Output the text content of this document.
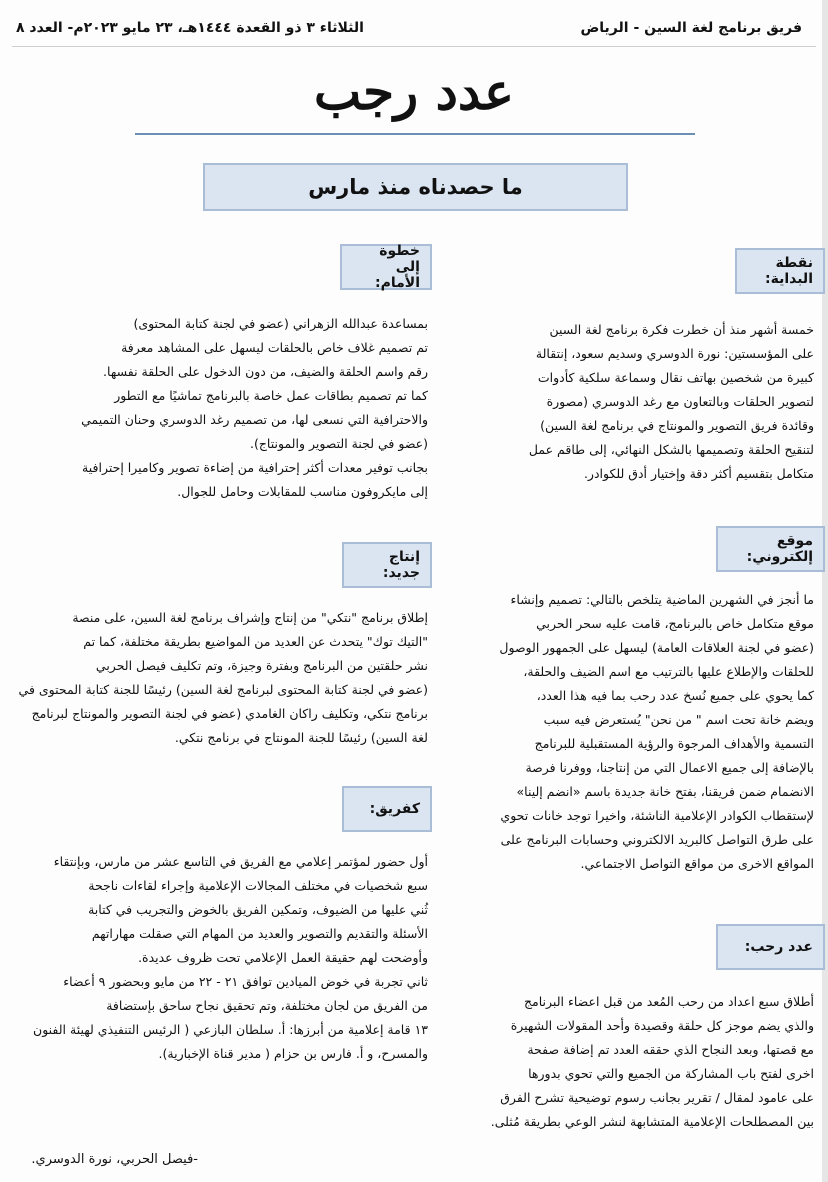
فريق برنامج لغة السين - الرياض
الثلاثاء ٣ ذو القعدة ١٤٤٤هـ، ٢٣ مايو ٢٠٢٣م- العدد ٨
عدد رجب
ما حصدناه منذ مارس
نقطة البداية:

خمسة أشهر منذ أن خطرت فكرة برنامج لغة السين

على المؤسستين: نورة الدوسري وسديم سعود، إنتقالة

كبيرة من شخصين بهاتف نقال وسماعة سلكية كأدوات

لتصوير الحلقات وبالتعاون مع رغد الدوسري (مصورة

وقائدة فريق التصوير والمونتاج في برنامج لغة السين)

لتنقيح الحلقة وتصميمها بالشكل النهائي، إلى طاقم عمل

متكامل بتقسيم أكثر دقة وإختيار أدق للكوادر.

موقع إلكتروني:

ما أنجز في الشهرين الماضية يتلخص بالتالي: تصميم وإنشاء

موقع متكامل خاص بالبرنامج، قامت عليه سحر الحربي

(عضو في لجنة العلاقات العامة) ليسهل على الجمهور الوصول

للحلقات والإطلاع عليها بالترتيب مع اسم الضيف والحلقة،

كما يحوي على جميع نُسخ عدد رحب بما فيه هذا العدد،

ويضم خانة تحت اسم " من نحن" يُستعرض فيه سبب

التسمية والأهداف المرجوة والرؤية المستقبلية للبرنامج

بالإضافة إلى جميع الاعمال التي من إنتاجنا، ووفرنا فرصة

الانضمام ضمن فريقنا، بفتح خانة جديدة باسم «انضم إلينا»

لإستقطاب الكوادر الإعلامية الناشئة، واخيرا توجد خانات تحوي

على طرق التواصل كالبريد الالكتروني وحسابات البرنامج على

المواقع الاخرى من مواقع التواصل الاجتماعي.

عدد رحب:

أطلاق سبع اعداد من رحب المُعد من قبل اعضاء البرنامج

والذي يضم موجز كل حلقة وقصيدة وأحد المقولات الشهيرة

مع قصتها، وبعد النجاح الذي حققه العدد تم إضافة صفحة

اخرى لفتح باب المشاركة من الجميع والتي تحوي بدورها

على عامود لمقال / تقرير بجانب رسوم توضيحية تشرح الفرق

بين المصطلحات الإعلامية المتشابهة لنشر الوعي بطريقة مُثلى.

خطوة إلى الأمام:

بمساعدة عبدالله الزهراني (عضو في لجنة كتابة المحتوى)

تم تصميم غلاف خاص بالحلقات ليسهل على المشاهد معرفة

رقم واسم الحلقة والضيف، من دون الدخول على الحلقة نفسها.

كما تم تصميم بطاقات عمل خاصة بالبرنامج تماشيًا مع التطور

والاحترافية التي نسعى لها، من تصميم رغد الدوسري وحنان التميمي

(عضو في لجنة التصوير والمونتاج).

بجانب توفير معدات أكثر إحترافية من إضاءة تصوير وكاميرا إحترافية

إلى مايكروفون مناسب للمقابلات وحامل للجوال.

إنتاج جديد:

إطلاق برنامج "نتكي" من إنتاج وإشراف برنامج لغة السين، على منصة

"التيك توك" يتحدث عن العديد من المواضيع بطريقة مختلفة، كما تم

نشر حلقتين من البرنامج وبفترة وجيزة، وتم تكليف فيصل الحربي

(عضو في لجنة كتابة المحتوى لبرنامج لغة السين) رئيسًا للجنة كتابة المحتوى في

برنامج نتكي، وتكليف راكان الغامدي (عضو في لجنة التصوير والمونتاج لبرنامج

لغة السين) رئيسًا للجنة المونتاج في برنامج نتكي.

كفريق:

أول حضور لمؤتمر إعلامي مع الفريق في التاسع عشر من مارس، وبإنتقاء

سبع شخصيات في مختلف المجالات الإعلامية وإجراء لقاءات ناجحة

ثُني عليها من الضيوف، وتمكين الفريق بالخوض والتجريب في كتابة

الأسئلة والتقديم والتصوير والعديد من المهام التي صقلت مهاراتهم

وأوضحت لهم حقيقة العمل الإعلامي تحت ظروف عديدة.

ثاني تجربة في خوض الميادين توافق ٢١ - ٢٢ من مايو وبحضور ٩ أعضاء

من الفريق من لجان مختلفة، وتم تحقيق نجاح ساحق بإستضافة

١٣ قامة إعلامية من أبرزها: أ. سلطان البازعي ( الرئيس التنفيذي لهيئة الفنون

والمسرح، و أ. فارس بن حزام ( مدير قناة الإخبارية).

-فيصل الحربي، نورة الدوسري.
